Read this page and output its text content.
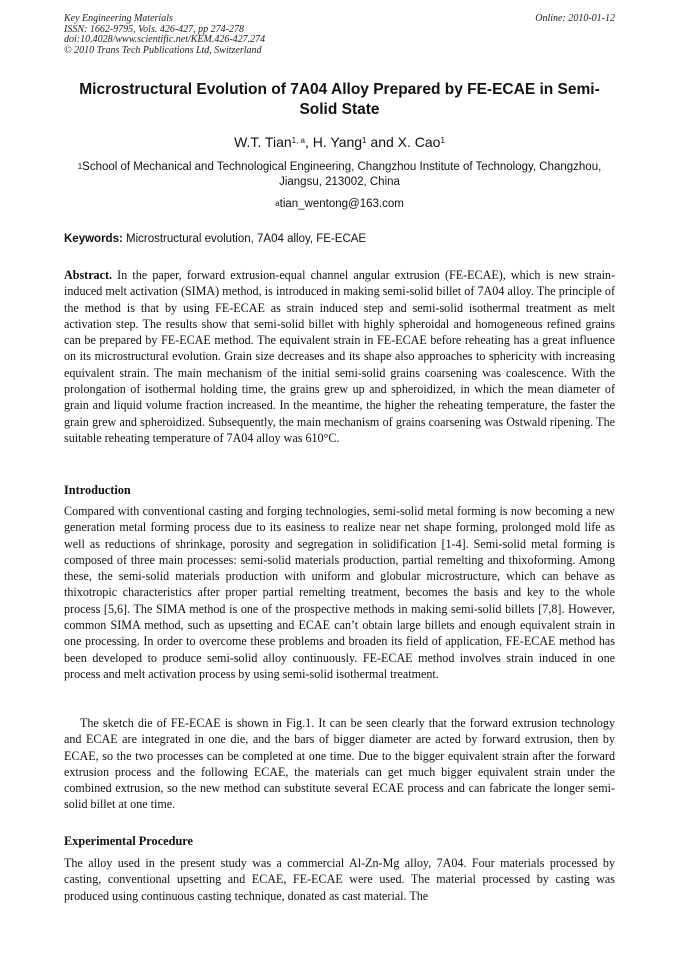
Key Engineering Materials
ISSN: 1662-9795, Vols. 426-427, pp 274-278
doi:10.4028/www.scientific.net/KEM.426-427.274
© 2010 Trans Tech Publications Ltd, Switzerland
Online: 2010-01-12
Microstructural Evolution of 7A04 Alloy Prepared by FE-ECAE in Semi-Solid State
W.T. Tian$^{1, a}$, H. Yang$^1$ and X. Cao$^1$
$^1$School of Mechanical and Technological Engineering, Changzhou Institute of Technology, Changzhou, Jiangsu, 213002, China
$^a$tian_wentong@163.com
Keywords: Microstructural evolution, 7A04 alloy, FE-ECAE
Abstract. In the paper, forward extrusion-equal channel angular extrusion (FE-ECAE), which is new strain-induced melt activation (SIMA) method, is introduced in making semi-solid billet of 7A04 alloy. The principle of the method is that by using FE-ECAE as strain induced step and semi-solid isothermal treatment as melt activation step. The results show that semi-solid billet with highly spheroidal and homogeneous refined grains can be prepared by FE-ECAE method. The equivalent strain in FE-ECAE before reheating has a great influence on its microstructural evolution. Grain size decreases and its shape also approaches to sphericity with increasing equivalent strain. The main mechanism of the initial semi-solid grains coarsening was coalescence. With the prolongation of isothermal holding time, the grains grew up and spheroidized, in which the mean diameter of grain and liquid volume fraction increased. In the meantime, the higher the reheating temperature, the faster the grain grew and spheroidized. Subsequently, the main mechanism of grains coarsening was Ostwald ripening. The suitable reheating temperature of 7A04 alloy was 610°C.
Introduction
Compared with conventional casting and forging technologies, semi-solid metal forming is now becoming a new generation metal forming process due to its easiness to realize near net shape forming, prolonged mold life as well as reductions of shrinkage, porosity and segregation in solidification [1-4]. Semi-solid metal forming is composed of three main processes: semi-solid materials production, partial remelting and thixoforming. Among these, the semi-solid materials production with uniform and globular microstructure, which can behave as thixotropic characteristics after proper partial remelting treatment, becomes the basis and key to the whole process [5,6]. The SIMA method is one of the prospective methods in making semi-solid billets [7,8]. However, common SIMA method, such as upsetting and ECAE can’t obtain large billets and enough equivalent strain in one processing. In order to overcome these problems and broaden its field of application, FE-ECAE method has been developed to produce semi-solid alloy continuously. FE-ECAE method involves strain induced in one process and melt activation process by using semi-solid isothermal treatment.
The sketch die of FE-ECAE is shown in Fig.1. It can be seen clearly that the forward extrusion technology and ECAE are integrated in one die, and the bars of bigger diameter are acted by forward extrusion, then by ECAE, so the two processes can be completed at one time. Due to the bigger equivalent strain after the forward extrusion process and the following ECAE, the materials can get much bigger equivalent strain under the combined extrusion, so the new method can substitute several ECAE process and can fabricate the longer semi-solid billet at one time.
Experimental Procedure
The alloy used in the present study was a commercial Al-Zn-Mg alloy, 7A04. Four materials processed by casting, conventional upsetting and ECAE, FE-ECAE were used. The material processed by casting was produced using continuous casting technique, donated as cast material. The
